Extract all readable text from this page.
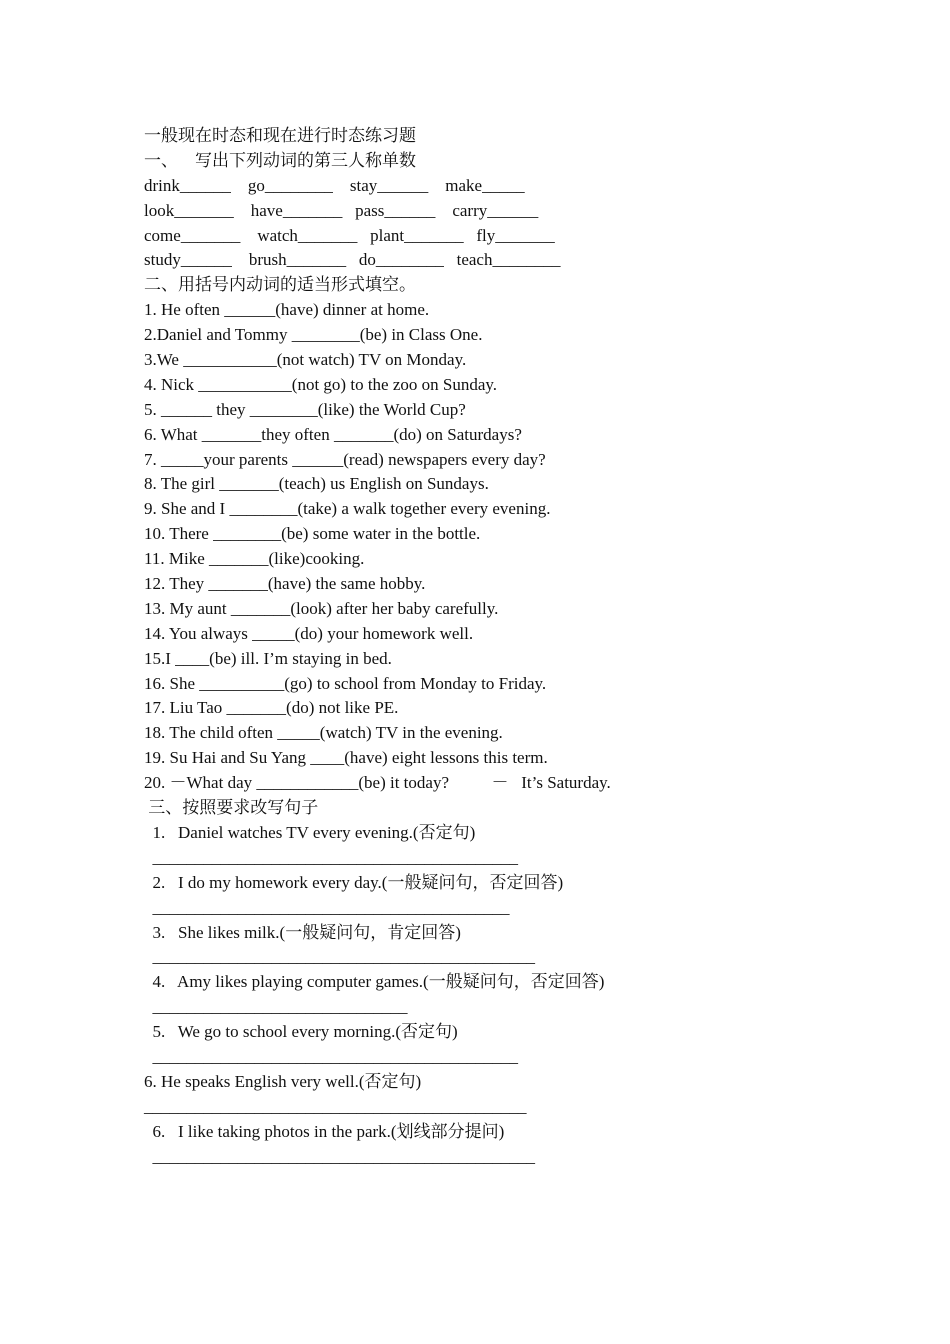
一般现在时态和现在进行时态练习题
一、    写出下列动词的第三人称单数
drink______    go________    stay______    make_____
look_______    have_______   pass______    carry______
come_______    watch_______   plant_______   fly_______
study______    brush_______   do________   teach________
二、用括号内动词的适当形式填空。
1. He often ______(have) dinner at home.
2.Daniel and Tommy ________(be) in Class One.
3.We ___________(not watch) TV on Monday.
4. Nick ___________(not go) to the zoo on Sunday.
5. ______ they ________(like) the World Cup?
6. What _______they often _______(do) on Saturdays?
7. _____your parents ______(read) newspapers every day?
8. The girl _______(teach) us English on Sundays.
9. She and I ________(take) a walk together every evening.
10. There ________(be) some water in the bottle.
11. Mike _______(like)cooking.
12. They _______(have) the same hobby.
13. My aunt _______(look) after her baby carefully.
14. You always _____(do) your homework well.
15.I ____(be) ill. I’m staying in bed.
16. She __________(go) to school from Monday to Friday.
17. Liu Tao _______(do) not like PE.
18. The child often _____(watch) TV in the evening.
19. Su Hai and Su Yang ____(have) eight lessons this term.
20. －What day ____________(be) it today?          －   It’s Saturday.
三、按照要求改写句子
1.   Daniel watches TV every evening.(否定句)
___________________________________________
2.   I do my homework every day.(一般疑问句，否定回答)
__________________________________________
3.   She likes milk.(一般疑问句，肯定回答)
_____________________________________________
4.   Amy likes playing computer games.(一般疑问句，否定回答)
______________________________
5.   We go to school every morning.(否定句)
___________________________________________
6. He speaks English very well.(否定句)
_____________________________________________
6.   I like taking photos in the park.(划线部分提问)
_____________________________________________
